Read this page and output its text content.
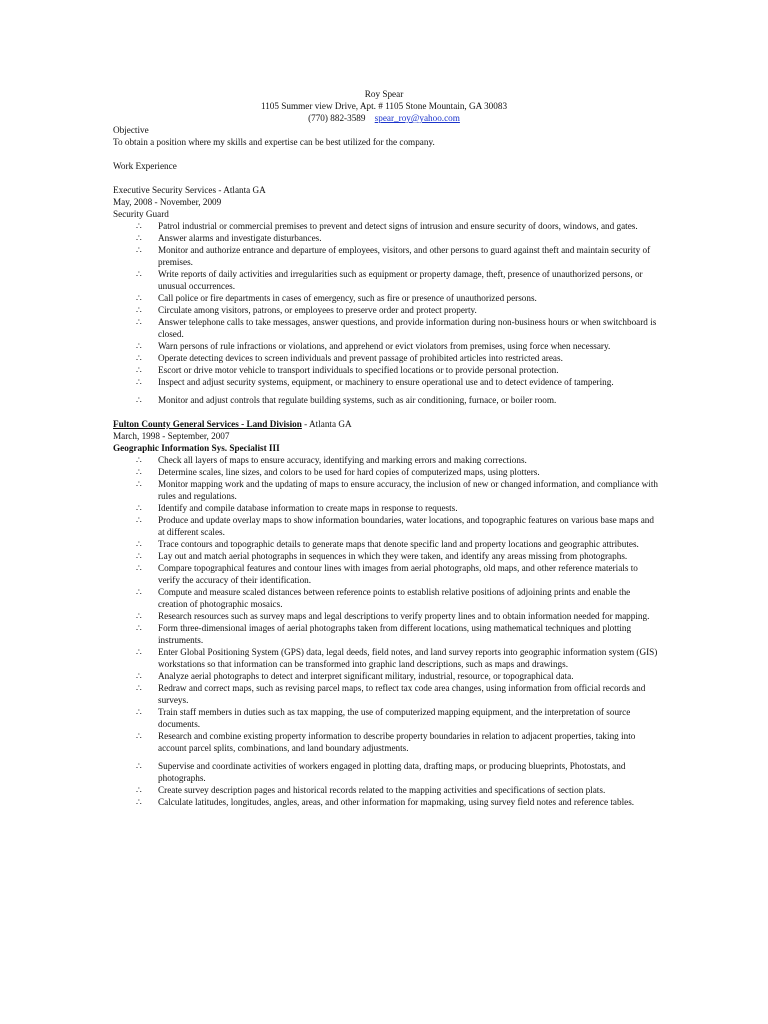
Roy Spear
1105 Summer view Drive, Apt. # 1105 Stone Mountain, GA 30083
(770) 882-3589 spear_roy@yahoo.com

Objective

To obtain a position where my skills and expertise can be best utilized for the company.

Work Experience

Executive Security Services - Atlanta GA

May, 2008 - November, 2009

Security Guard

∴	Patrol industrial or commercial premises to prevent and detect signs of intrusion and ensure security of doors, windows, and gates.
∴	Answer alarms and investigate disturbances.
∴	Monitor and authorize entrance and departure of employees, visitors, and other persons to guard against theft and maintain security of premises.
∴	Write reports of daily activities and irregularities such as equipment or property damage, theft, presence of unauthorized persons, or unusual occurrences.
∴	Call police or fire departments in cases of emergency, such as fire or presence of unauthorized persons.
∴	Circulate among visitors, patrons, or employees to preserve order and protect property.
∴	Answer telephone calls to take messages, answer questions, and provide information during non-business hours or when switchboard is closed.
∴	Warn persons of rule infractions or violations, and apprehend or evict violators from premises, using force when necessary.
∴	Operate detecting devices to screen individuals and prevent passage of prohibited articles into restricted areas.
∴	Escort or drive motor vehicle to transport individuals to specified locations or to provide personal protection.
∴	Inspect and adjust security systems, equipment, or machinery to ensure operational use and to detect evidence of tampering.
∴	Monitor and adjust controls that regulate building systems, such as air conditioning, furnace, or boiler room.

Fulton County General Services - Land Division - Atlanta GA

March, 1998 - September, 2007

Geographic Information Sys. Specialist III

∴	Check all layers of maps to ensure accuracy, identifying and marking errors and making corrections.
∴	Determine scales, line sizes, and colors to be used for hard copies of computerized maps, using plotters.
∴	Monitor mapping work and the updating of maps to ensure accuracy, the inclusion of new or changed information, and compliance with rules and regulations.
∴	Identify and compile database information to create maps in response to requests.
∴	Produce and update overlay maps to show information boundaries, water locations, and topographic features on various base maps and at different scales.
∴	Trace contours and topographic details to generate maps that denote specific land and property locations and geographic attributes.
∴	Lay out and match aerial photographs in sequences in which they were taken, and identify any areas missing from photographs.
∴	Compare topographical features and contour lines with images from aerial photographs, old maps, and other reference materials to verify the accuracy of their identification.
∴	Compute and measure scaled distances between reference points to establish relative positions of adjoining prints and enable the creation of photographic mosaics.
∴	Research resources such as survey maps and legal descriptions to verify property lines and to obtain information needed for mapping.
∴	Form three-dimensional images of aerial photographs taken from different locations, using mathematical techniques and plotting instruments.
∴	Enter Global Positioning System (GPS) data, legal deeds, field notes, and land survey reports into geographic information system (GIS) workstations so that information can be transformed into graphic land descriptions, such as maps and drawings.
∴	Analyze aerial photographs to detect and interpret significant military, industrial, resource, or topographical data.
∴	Redraw and correct maps, such as revising parcel maps, to reflect tax code area changes, using information from official records and surveys.
∴	Train staff members in duties such as tax mapping, the use of computerized mapping equipment, and the interpretation of source documents.
∴	Research and combine existing property information to describe property boundaries in relation to adjacent properties, taking into account parcel splits, combinations, and land boundary adjustments.
∴	Supervise and coordinate activities of workers engaged in plotting data, drafting maps, or producing blueprints, Photostats, and photographs.
∴	Create survey description pages and historical records related to the mapping activities and specifications of section plats.
∴	Calculate latitudes, longitudes, angles, areas, and other information for mapmaking, using survey field notes and reference tables.
